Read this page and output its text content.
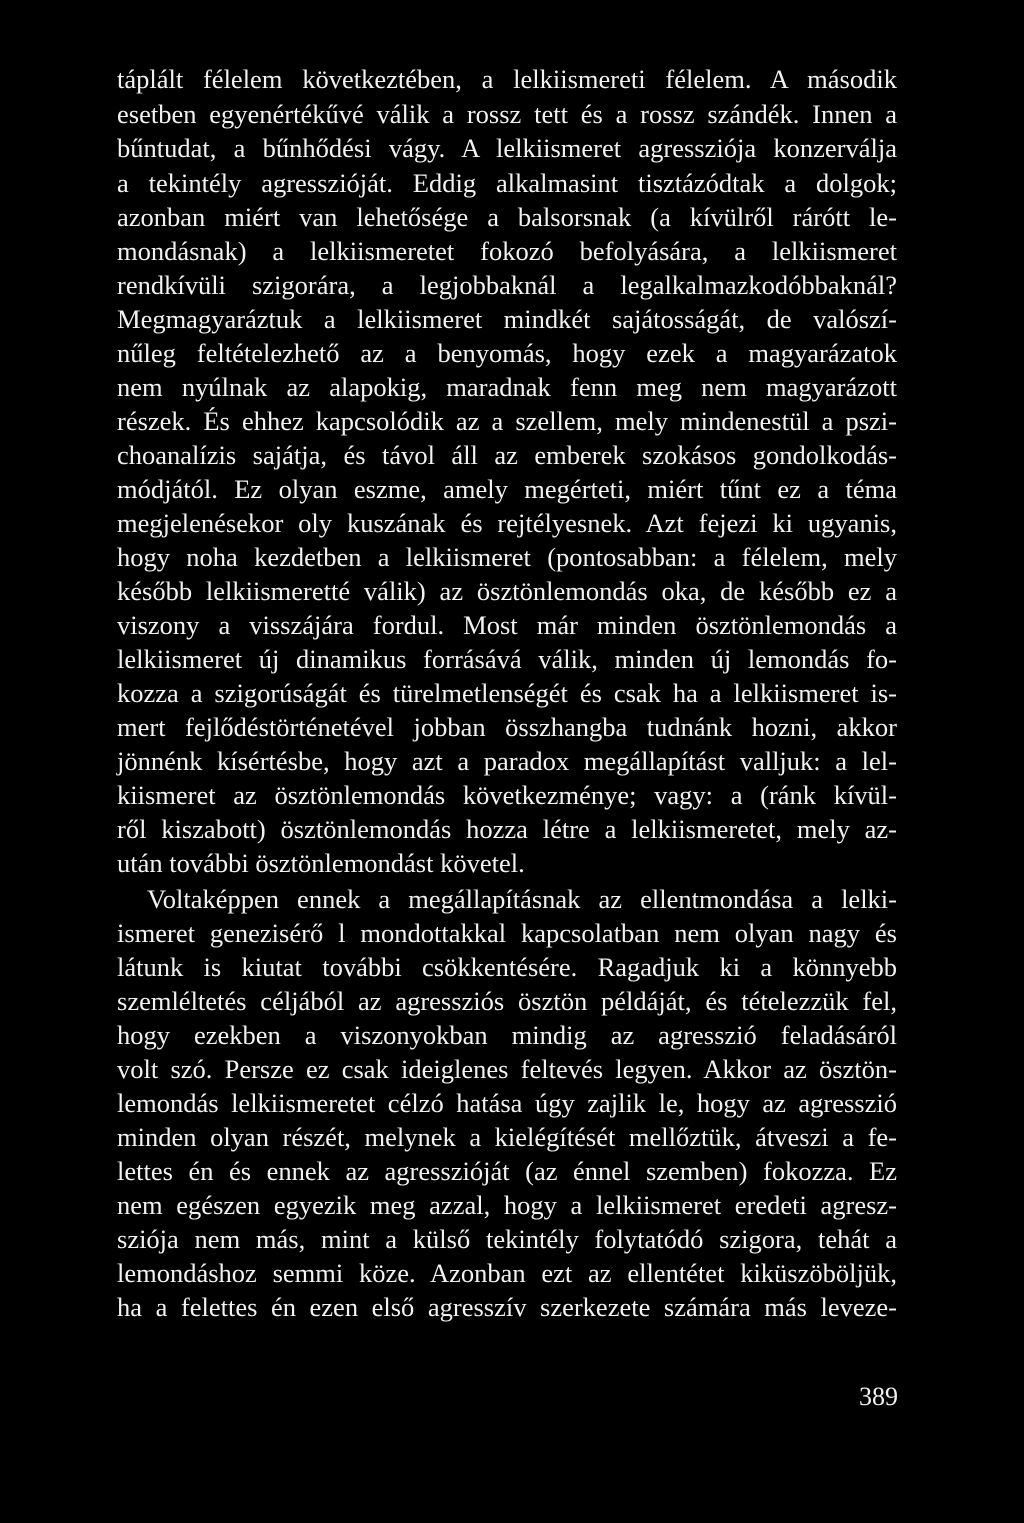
táplált félelem következtében, a lelkiismereti félelem. A második
esetben egyenértékűvé válik a rossz tett és a rossz szándék. Innen a
bűntudat, a bűnhődési vágy. A lelkiismeret agressziója konzerválja
a tekintély agresszióját. Eddig alkalmasint tisztázódtak a dolgok;
azonban miért van lehetősége a balsorsnak (a kívülről rárótt le-
mondásnak) a lelkiismeretet fokozó befolyására, a lelkiismeret
rendkívüli szigorára, a legjobbaknál a legalkalmazkodóbbaknál?
Megmagyaráztuk a lelkiismeret mindkét sajátosságát, de valószí-
nűleg feltételezhető az a benyomás, hogy ezek a magyarázatok
nem nyúlnak az alapokig, maradnak fenn meg nem magyarázott
részek. És ehhez kapcsolódik az a szellem, mely mindenestül a pszi-
choanalízis sajátja, és távol áll az emberek szokásos gondolkodás-
módjától. Ez olyan eszme, amely megérteti, miért tűnt ez a téma
megjelenésekor oly kuszának és rejtélyesnek. Azt fejezi ki ugyanis,
hogy noha kezdetben a lelkiismeret (pontosabban: a félelem, mely
később lelkiismeretté válik) az ösztönlemondás oka, de később ez a
viszony a visszájára fordul. Most már minden ösztönlemondás a
lelkiismeret új dinamikus forrásává válik, minden új lemondás fo-
kozza a szigorúságát és türelmetlenségét és csak ha a lelkiismeret is-
mert fejlődéstörténetével jobban összhangba tudnánk hozni, akkor
jönnénk kísértésbe, hogy azt a paradox megállapítást valljuk: a lel-
kiismeret az ösztönlemondás következménye; vagy: a (ránk kívül-
ről kiszabott) ösztönlemondás hozza létre a lelkiismeretet, mely az-
után további ösztönlemondást követel.
Voltaképpen ennek a megállapításnak az ellentmondása a lelki-
ismeret genezisérő l mondottakkal kapcsolatban nem olyan nagy és
látunk is kiutat további csökkentésére. Ragadjuk ki a könnyebb
szemléltetés céljából az agressziós ösztön példáját, és tételezzük fel,
hogy ezekben a viszonyokban mindig az agresszió feladásáról
volt szó. Persze ez csak ideiglenes feltevés legyen. Akkor az ösztön-
lemondás lelkiismeretet célzó hatása úgy zajlik le, hogy az agresszió
minden olyan részét, melynek a kielégítését mellőztük, átveszi a fe-
lettes én és ennek az agresszióját (az énnel szemben) fokozza. Ez
nem egészen egyezik meg azzal, hogy a lelkiismeret eredeti agresz-
sziója nem más, mint a külső tekintély folytatódó szigora, tehát a
lemondáshoz semmi köze. Azonban ezt az ellentétet kiküszöböljük,
ha a felettes én ezen első agresszív szerkezete számára más leveze-
389
